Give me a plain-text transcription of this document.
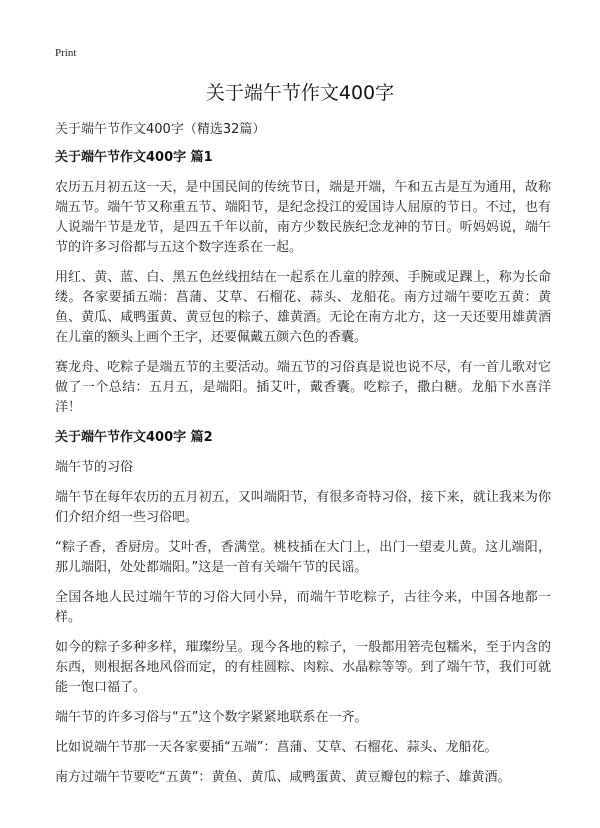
Print
关于端午节作文400字
关于端午节作文400字（精选32篇）
关于端午节作文400字 篇1

农历五月初五这一天，是中国民间的传统节日，端是开端，午和五古是互为通用，故称端五节。端午节又称重五节、端阳节，是纪念投江的爱国诗人屈原的节日。不过，也有人说端午节是龙节，是四五千年以前，南方少数民族纪念龙神的节日。听妈妈说，端午节的许多习俗都与五这个数字连系在一起。

用红、黄、蓝、白、黑五色丝线扭结在一起系在儿童的脖颈、手腕或足踝上，称为长命缕。各家要插五端：菖蒲、艾草、石榴花、蒜头、龙船花。南方过端午要吃五黄：黄鱼、黄瓜、咸鸭蛋黄、黄豆包的粽子、雄黄酒。无论在南方北方，这一天还要用雄黄酒在儿童的额头上画个王字，还要佩戴五颜六色的香囊。

赛龙舟、吃粽子是端五节的主要活动。端五节的习俗真是说也说不尽，有一首儿歌对它做了一个总结：五月五，是端阳。插艾叶，戴香囊。吃粽子，撒白糖。龙船下水喜洋洋！

关于端午节作文400字 篇2

端午节的习俗

端午节在每年农历的五月初五，又叫端阳节，有很多奇特习俗，接下来，就让我来为你们介绍介绍一些习俗吧。

“粽子香，香厨房。艾叶香，香满堂。桃枝插在大门上，出门一望麦儿黄。这儿端阳，那儿端阳，处处都端阳。”这是一首有关端午节的民谣。

全国各地人民过端午节的习俗大同小异，而端午节吃粽子，古往今来，中国各地都一样。

如今的粽子多种多样，璀璨纷呈。现今各地的粽子，一般都用箬壳包糯米，至于内含的东西，则根据各地风俗而定，的有桂圆粽、肉粽、水晶粽等等。到了端午节，我们可就能一饱口福了。

端午节的许多习俗与“五”这个数字紧紧地联系在一齐。

比如说端午节那一天各家要插“五端”：菖蒲、艾草、石榴花、蒜头、龙船花。

南方过端午节要吃“五黄”：黄鱼、黄瓜、咸鸭蛋黄、黄豆瓣包的粽子、雄黄酒。
